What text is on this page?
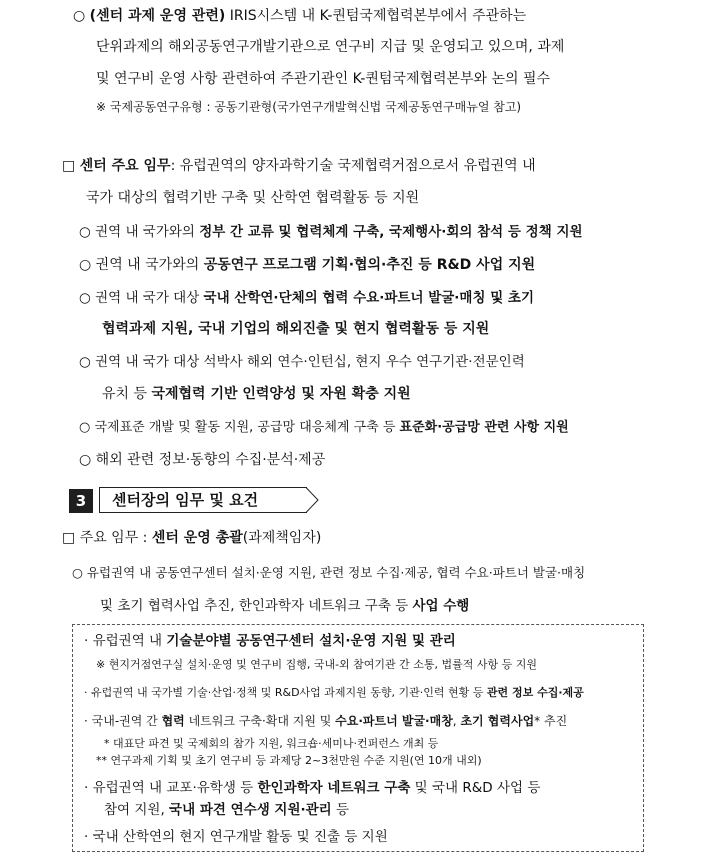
○ (센터 과제 운영 관련) IRIS시스템 내 K-퀀텀국제협력본부에서 주관하는
단위과제의 해외공동연구개발기관으로 연구비 지급 및 운영되고 있으며, 과제
및 연구비 운영 사항 관련하여 주관기관인 K-퀀텀국제협력본부와 논의 필수
※ 국제공동연구유형 : 공동기관형(국가연구개발혁신법 국제공동연구매뉴얼 참고)
□ 센터 주요 임무: 유럽권역의 양자과학기술 국제협력거점으로서 유럽권역 내
국가 대상의 협력기반 구축 및 산학연 협력활동 등 지원
○ 권역 내 국가와의 정부 간 교류 및 협력체계 구축, 국제행사·회의 참석 등 정책 지원
○ 권역 내 국가와의 공동연구 프로그램 기획·협의·추진 등 R&D 사업 지원
○ 권역 내 국가 대상 국내 산학연·단체의 협력 수요·파트너 발굴·매칭 및 초기
협력과제 지원, 국내 기업의 해외진출 및 현지 협력활동 등 지원
○ 권역 내 국가 대상 석박사 해외 연수·인턴십, 현지 우수 연구기관·전문인력
유치 등 국제협력 기반 인력양성 및 자원 확충 지원
○ 국제표준 개발 및 활동 지원, 공급망 대응체계 구축 등 표준화·공급망 관련 사항 지원
○ 해외 관련 정보·동향의 수집·분석·제공
3	센터장의 임무 및 요건
□ 주요 임무 : 센터 운영 총괄(과제책임자)
○ 유럽권역 내 공동연구센터 설치·운영 지원, 관련 정보 수집·제공, 협력 수요·파트너 발굴·매칭
및 초기 협력사업 추진, 한인과학자 네트워크 구축 등 사업 수행
· 유럽권역 내 기술분야별 공동연구센터 설치·운영 지원 및 관리
※ 현지거점연구실 설치·운영 및 연구비 집행, 국내-외 참여기관 간 소통, 법률적 사항 등 지원
· 유럽권역 내 국가별 기술·산업·정책 및 R&D사업 과제지원 동향, 기관·인력 현황 등 관련 정보 수집·제공
· 국내-권역 간 협력 네트워크 구축·확대 지원 및 수요·파트너 발굴·매창, 초기 협력사업* 추진
* 대표단 파견 및 국제회의 참가 지원, 워크숍·세미나·컨퍼런스 개최 등
** 연구과제 기획 및 초기 연구비 등 과제당 2~3천만원 수준 지원(연 10개 내외)
· 유럽권역 내 교포·유학생 등 한인과학자 네트워크 구축 및 국내 R&D 사업 등
참여 지원, 국내 파견 연수생 지원·관리 등
· 국내 산학연의 현지 연구개발 활동 및 진출 등 지원
